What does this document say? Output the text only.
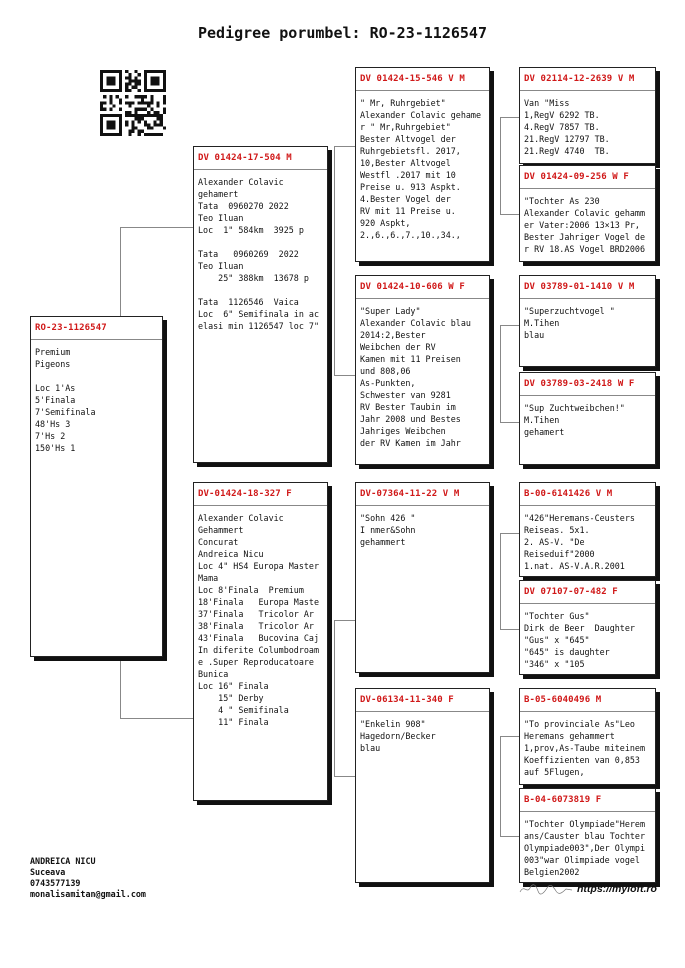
Pedigree porumbel: RO-23-1126547
RO-23-1126547
Premium
Pigeons

Loc 1'As
5'Finala
7'Semifinala
48'Hs 3
7'Hs 2
150'Hs 1
DV 01424-17-504 M
Alexander Colavic
gehamert
Tata  0960270 2022
Teo Iluan
Loc  1" 584km  3925 p

Tata   0960269  2022
Teo Iluan
25" 388km  13678 p

Tata  1126546  Vaica
Loc  6" Semifinala in ac
elasi min 1126547 loc 7"
DV-01424-18-327 F
Alexander Colavic
Gehammert
Concurat
Andreica Nicu
Loc 4" HS4 Europa Master
Mama
Loc 8'Finala  Premium
18'Finala   Europa Maste
37'Finala   Tricolor Ar
38'Finala   Tricolor Ar
43'Finala   Bucovina Caj
In diferite Columbodroam
e .Super Reproducatoare
Bunica
Loc 16" Finala
15" Derby
4 " Semifinala
11" Finala
DV 01424-15-546 V M
" Mr, Ruhrgebiet"
Alexander Colavic gehame
r " Mr,Ruhrgebiet"
Bester Altvogel der
Ruhrgebietsfl. 2017,
10,Bester Altvogel
Westfl .2017 mit 10
Preise u. 913 Aspkt.
4.Bester Vogel der
RV mit 11 Preise u.
920 Aspkt,
2.,6.,6.,7.,10.,34.,
DV 01424-10-606 W F
"Super Lady"
Alexander Colavic blau
2014:2,Bester
Weibchen der RV
Kamen mit 11 Preisen
und 808,06
As-Punkten,
Schwester van 9281
RV Bester Taubin im
Jahr 2008 und Bestes
Jahriges Weibchen
der RV Kamen im Jahr
DV-07364-11-22 V M
"Sohn 426 "
I nmer&Sohn
gehammert
DV-06134-11-340 F
"Enkelin 908"
Hagedorn/Becker
blau
DV 02114-12-2639 V M
Van "Miss
1,RegV 6292 TB.
4.RegV 7857 TB.
21.RegV 12797 TB.
21.RegV 4740  TB.
DV 01424-09-256 W F
"Tochter As 230
Alexander Colavic gehamm
er Vater:2006 13×13 Pr,
Bester Jahriger Vogel de
r RV 18.AS Vogel BRD2006
DV 03789-01-1410 V M
"Superzuchtvogel "
M.Tihen
blau
DV 03789-03-2418 W F
"Sup Zuchtweibchen!"
M.Tihen
gehamert
B-00-6141426 V M
"426"Heremans-Ceusters
Reiseas. 5x1.
2. AS-V. "De
Reiseduif"2000
1.nat. AS-V.A.R.2001
DV 07107-07-482 F
"Tochter Gus"
Dirk de Beer  Daughter
"Gus" x "645"
"645" is daughter
"346" x "105
B-05-6040496 M
"To provinciale As"Leo
Heremans gehammert
1,prov,As-Taube miteinem
Koeffizienten van 0,853
auf 5Flugen,
B-04-6073819 F
"Tochter Olympiade"Herem
ans/Causter blau Tochter
Olympiade003",Der Olympi
003"war Olimpiade vogel
Belgien2002
ANDREICA NICU
Suceava
0743577139
monalisamitan@gmail.com	https://myloft.ro
